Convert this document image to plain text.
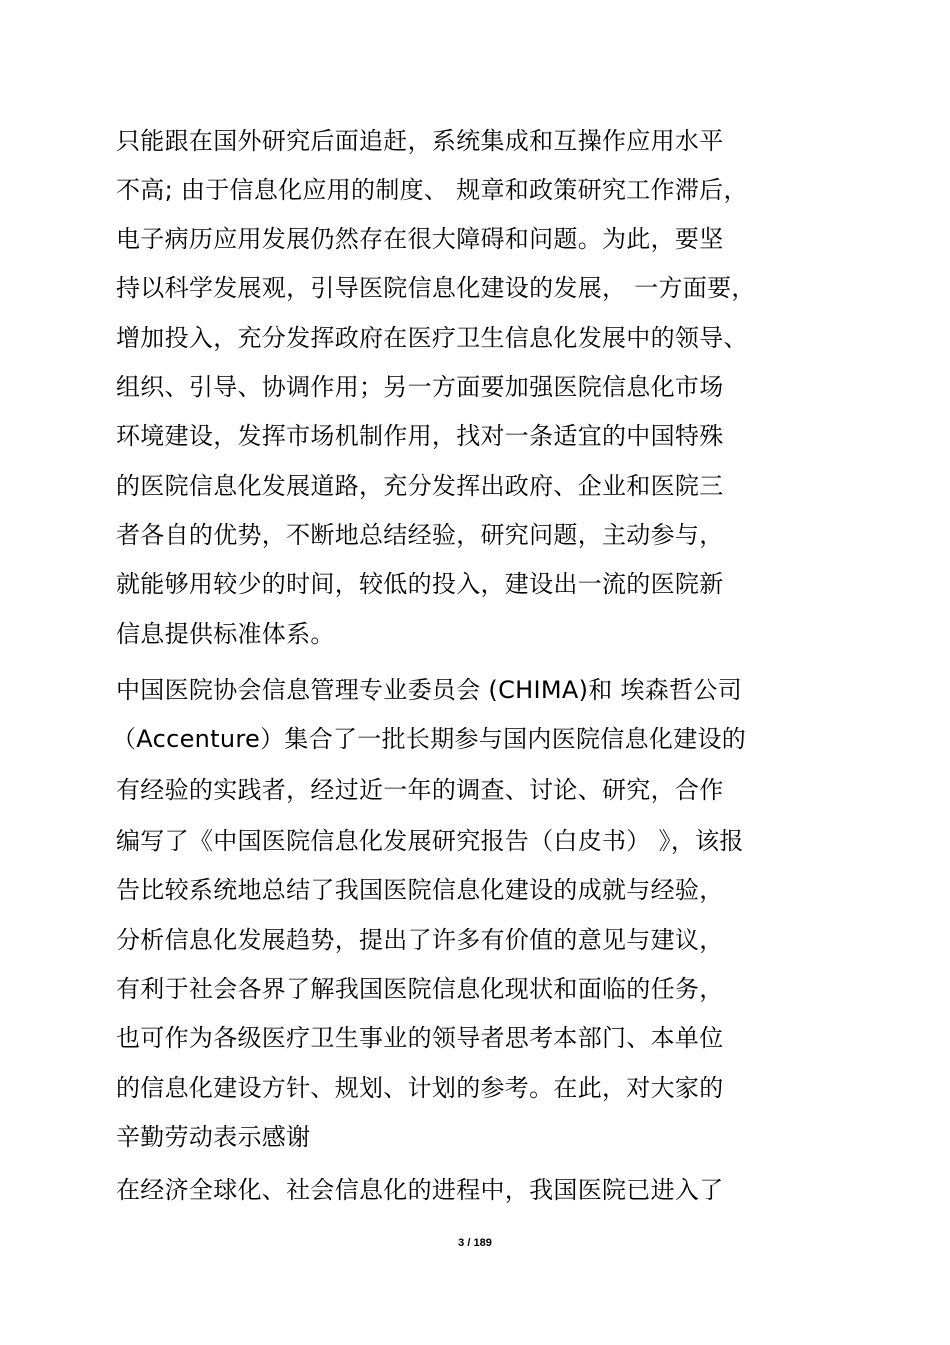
只能跟在国外研究后面追赶，系统集成和互操作应用水平
不高; 由于信息化应用的制度、 规章和政策研究工作滞后，
电子病历应用发展仍然存在很大障碍和问题。为此，要坚
持以科学发展观，引导医院信息化建设的发展， 一方面要，
增加投入，充分发挥政府在医疗卫生信息化发展中的领导、
组织、引导、协调作用；另一方面要加强医院信息化市场
环境建设，发挥市场机制作用，找对一条适宜的中国特殊
的医院信息化发展道路，充分发挥出政府、企业和医院三
者各自的优势，不断地总结经验，研究问题，主动参与，
就能够用较少的时间，较低的投入，建设出一流的医院新
信息提供标准体系。
中国医院协会信息管理专业委员会 (CHIMA)和 埃森哲公司
（Accenture）集合了一批长期参与国内医院信息化建设的
有经验的实践者，经过近一年的调查、讨论、研究，合作
编写了《中国医院信息化发展研究报告（白皮书） 》，该报
告比较系统地总结了我国医院信息化建设的成就与经验，
分析信息化发展趋势，提出了许多有价值的意见与建议，
有利于社会各界了解我国医院信息化现状和面临的任务，
也可作为各级医疗卫生事业的领导者思考本部门、本单位
的信息化建设方针、规划、计划的参考。在此，对大家的
辛勤劳动表示感谢
在经济全球化、社会信息化的进程中，我国医院已进入了
3 / 189
